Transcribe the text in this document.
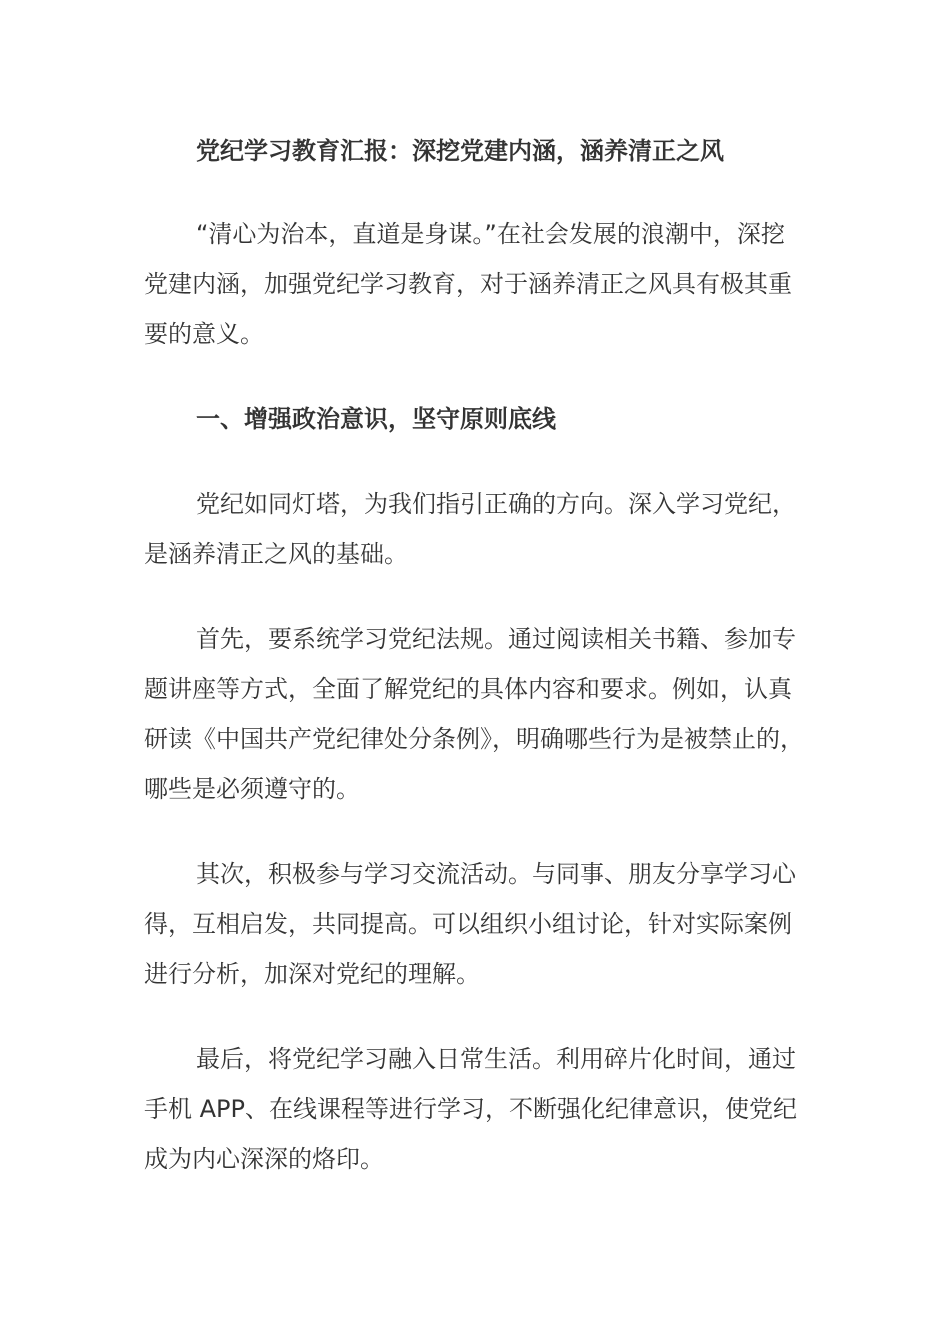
党纪学习教育汇报：深挖党建内涵，涵养清正之风

“清心为治本，直道是身谋。”在社会发展的浪潮中，深挖党建内涵，加强党纪学习教育，对于涵养清正之风具有极其重要的意义。

一、增强政治意识，坚守原则底线

党纪如同灯塔，为我们指引正确的方向。深入学习党纪，是涵养清正之风的基础。

首先，要系统学习党纪法规。通过阅读相关书籍、参加专题讲座等方式，全面了解党纪的具体内容和要求。例如，认真研读《中国共产党纪律处分条例》，明确哪些行为是被禁止的，哪些是必须遵守的。

其次，积极参与学习交流活动。与同事、朋友分享学习心得，互相启发，共同提高。可以组织小组讨论，针对实际案例进行分析，加深对党纪的理解。

最后，将党纪学习融入日常生活。利用碎片化时间，通过手机 APP、在线课程等进行学习，不断强化纪律意识，使党纪成为内心深深的烙印。
